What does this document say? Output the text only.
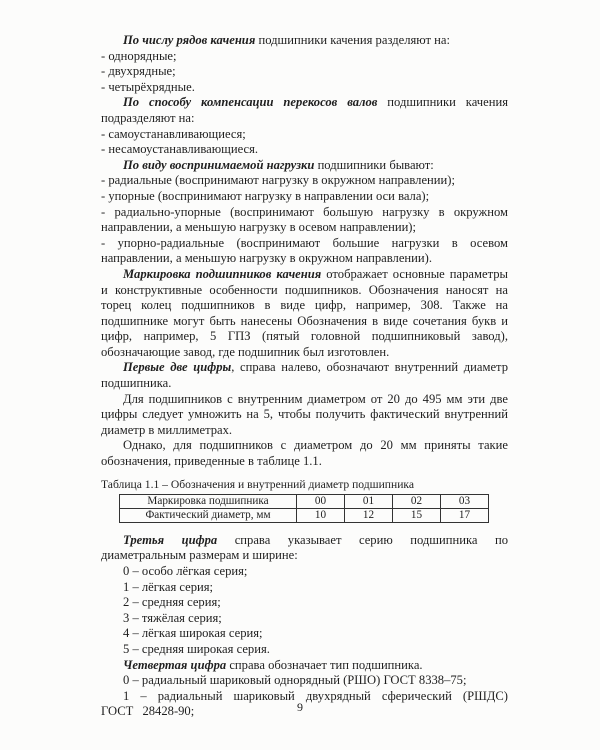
По числу рядов качения подшипники качения разделяют на:

- однорядные;

- двухрядные;

- четырёхрядные.

По способу компенсации перекосов валов подшипники качения подразделяют на:

- самоустанавливающиеся;

- несамоустанавливающиеся.

По виду воспринимаемой нагрузки подшипники бывают:

- радиальные (воспринимают нагрузку в окружном направлении);

- упорные (воспринимают нагрузку в направлении оси вала);

- радиально-упорные (воспринимают большую нагрузку в окружном направлении, а меньшую нагрузку в осевом направлении);

- упорно-радиальные (воспринимают большие нагрузки в осевом направлении, а меньшую нагрузку в окружном направлении).

Маркировка подшипников качения отображает основные параметры и конструктивные особенности подшипников. Обозначения наносят на торец колец подшипников в виде цифр, например, 308. Также на подшипнике могут быть нанесены Обозначения в виде сочетания букв и цифр, например, 5 ГПЗ (пятый головной подшипниковый завод), обозначающие завод, где подшипник был изготовлен.

Первые две цифры, справа налево, обозначают внутренний диаметр подшипника.

Для подшипников с внутренним диаметром от 20 до 495 мм эти две цифры следует умножить на 5, чтобы получить фактический внутренний диаметр в миллиметрах.

Однако, для подшипников с диаметром до 20 мм приняты такие обозначения, приведенные в таблице 1.1.

Таблица 1.1 – Обозначения и внутренний диаметр подшипника

Маркировка подшипника	00	01	02	03
Фактический диаметр, мм	10	12	15	17

Третья цифра справа указывает серию подшипника по диаметральным размерам и ширине:

0 – особо лёгкая серия;

1 – лёгкая серия;

2 – средняя серия;

3 – тяжёлая серия;

4 – лёгкая широкая серия;

5 – средняя широкая серия.

Четвертая цифра справа обозначает тип подшипника.

0 – радиальный шариковый однорядный (РШО) ГОСТ 8338–75;

1 – радиальный шариковый двухрядный сферический (РШДС) ГОСТ 28428-90;	9
